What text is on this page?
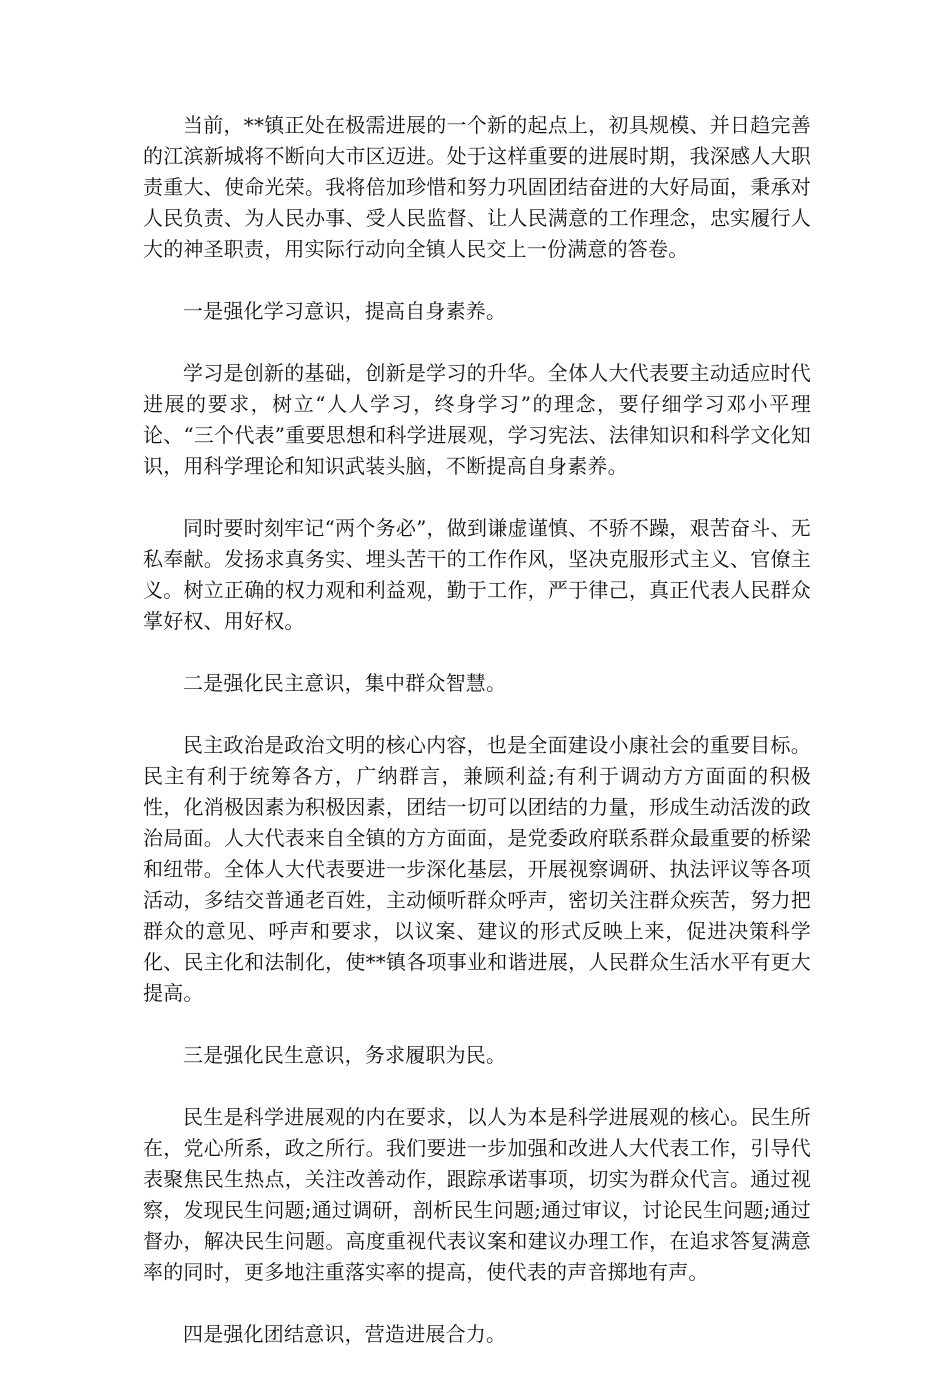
当前，**镇正处在极需进展的一个新的起点上，初具规模、并日趋完善的江滨新城将不断向大市区迈进。处于这样重要的进展时期，我深感人大职责重大、使命光荣。我将倍加珍惜和努力巩固团结奋进的大好局面，秉承对人民负责、为人民办事、受人民监督、让人民满意的工作理念，忠实履行人大的神圣职责，用实际行动向全镇人民交上一份满意的答卷。

一是强化学习意识，提高自身素养。

学习是创新的基础，创新是学习的升华。全体人大代表要主动适应时代进展的要求，树立“人人学习，终身学习”的理念，要仔细学习邓小平理论、“三个代表”重要思想和科学进展观，学习宪法、法律知识和科学文化知识，用科学理论和知识武装头脑，不断提高自身素养。

同时要时刻牢记“两个务必”，做到谦虚谨慎、不骄不躁，艰苦奋斗、无私奉献。发扬求真务实、埋头苦干的工作作风，坚决克服形式主义、官僚主义。树立正确的权力观和利益观，勤于工作，严于律己，真正代表人民群众掌好权、用好权。

二是强化民主意识，集中群众智慧。

民主政治是政治文明的核心内容，也是全面建设小康社会的重要目标。民主有利于统筹各方，广纳群言，兼顾利益;有利于调动方方面面的积极性，化消极因素为积极因素，团结一切可以团结的力量，形成生动活泼的政治局面。人大代表来自全镇的方方面面，是党委政府联系群众最重要的桥梁和纽带。全体人大代表要进一步深化基层，开展视察调研、执法评议等各项活动，多结交普通老百姓，主动倾听群众呼声，密切关注群众疾苦，努力把群众的意见、呼声和要求，以议案、建议的形式反映上来，促进决策科学化、民主化和法制化，使**镇各项事业和谐进展，人民群众生活水平有更大提高。

三是强化民生意识，务求履职为民。

民生是科学进展观的内在要求，以人为本是科学进展观的核心。民生所在，党心所系，政之所行。我们要进一步加强和改进人大代表工作，引导代表聚焦民生热点，关注改善动作，跟踪承诺事项，切实为群众代言。通过视察，发现民生问题;通过调研，剖析民生问题;通过审议，讨论民生问题;通过督办，解决民生问题。高度重视代表议案和建议办理工作，在追求答复满意率的同时，更多地注重落实率的提高，使代表的声音掷地有声。

四是强化团结意识，营造进展合力。
